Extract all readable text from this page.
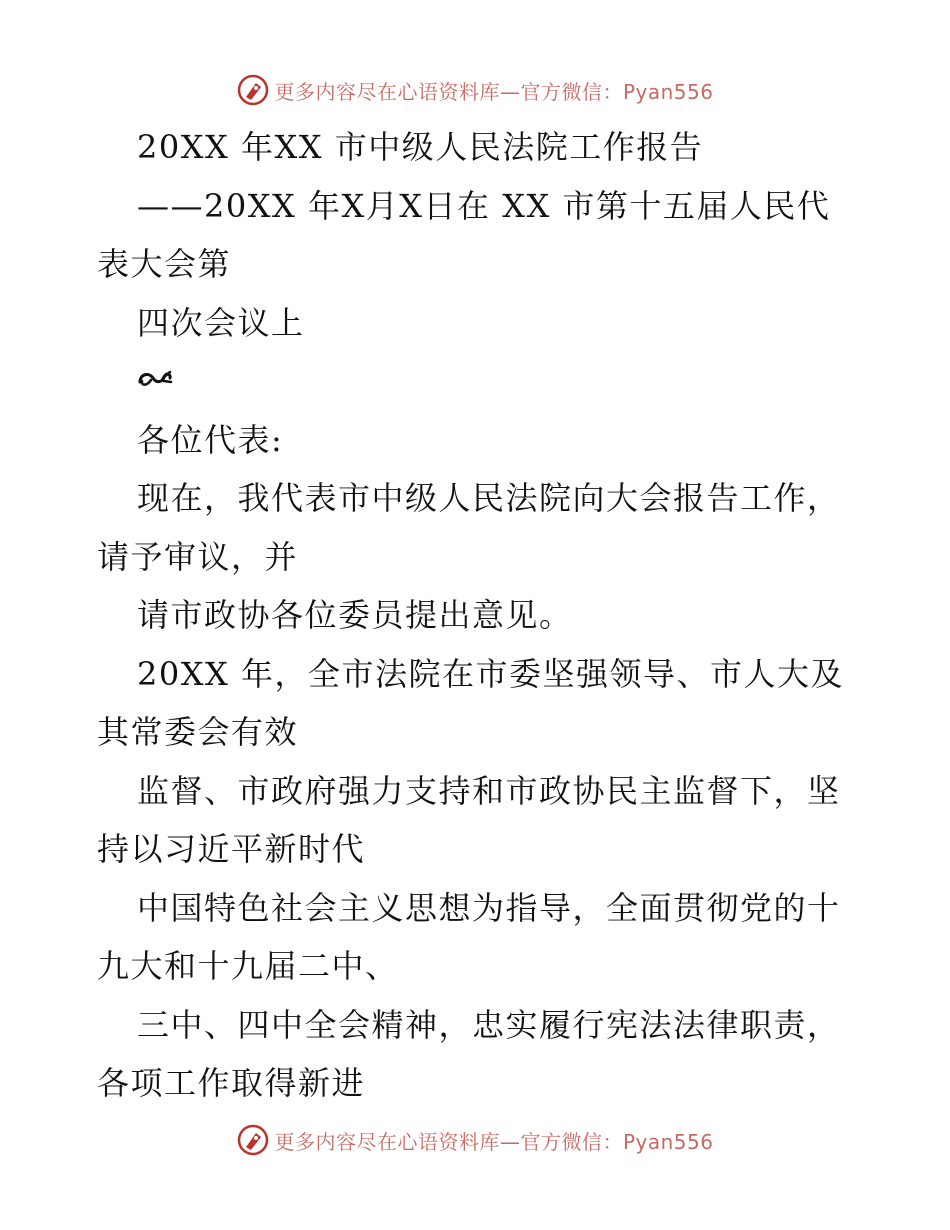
更多内容尽在心语资料库—官方微信：Pyan556
20XX 年XX 市中级人民法院工作报告
——20XX 年X月X日在 XX 市第十五届人民代
表大会第
四次会议上
各位代表:
现在，我代表市中级人民法院向大会报告工作，
请予审议，并
请市政协各位委员提出意见。
20XX 年，全市法院在市委坚强领导、市人大及
其常委会有效
监督、市政府强力支持和市政协民主监督下，坚
持以习近平新时代
中国特色社会主义思想为指导，全面贯彻党的十
九大和十九届二中、
三中、四中全会精神，忠实履行宪法法律职责，
各项工作取得新进
更多内容尽在心语资料库—官方微信：Pyan556
